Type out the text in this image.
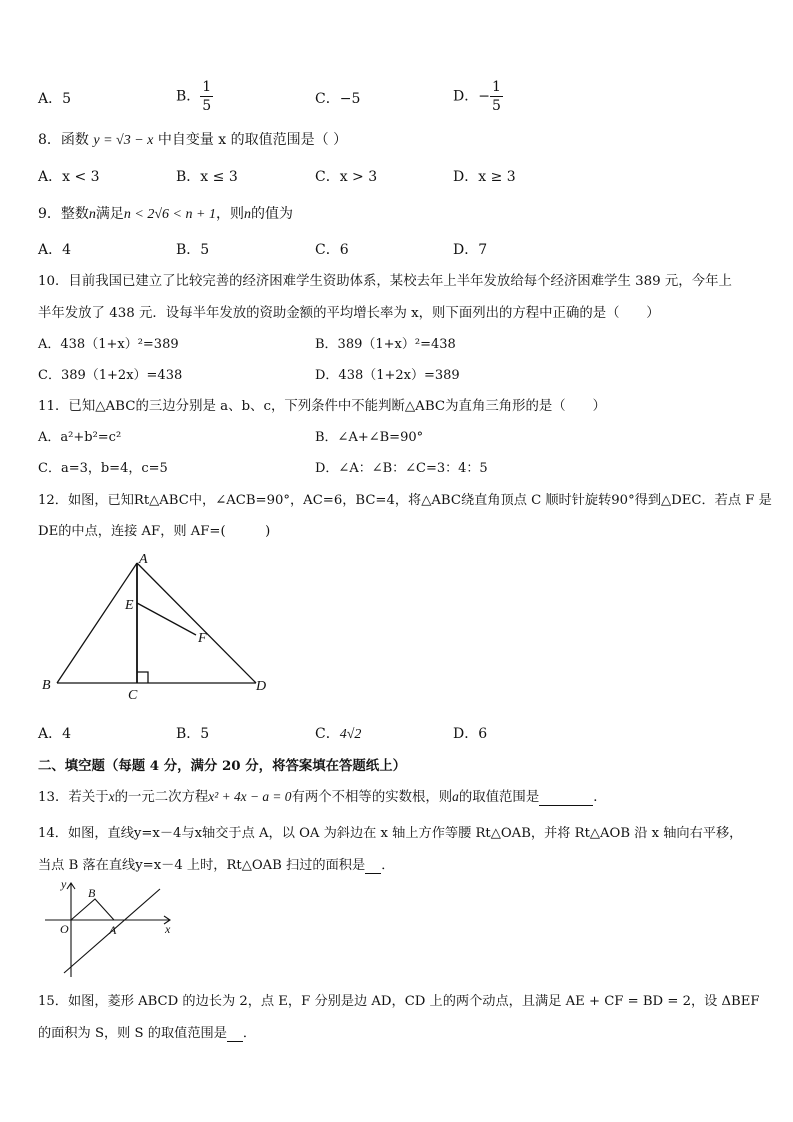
A．5	B． $\frac{1}{5}$	C．−5	D．− $\frac{1}{5}$
8．函数 y = √3 − x 中自变量 x 的取值范围是（ ）
A．x < 3	B．x ≤ 3	C．x > 3	D．x ≥ 3
9．整数n满足n < 2√6 < n + 1，则n的值为
A．4	B．5	C．6	D．7
10．目前我国已建立了比较完善的经济困难学生资助体系，某校去年上半年发放给每个经济困难学生 389 元，今年上
半年发放了 438 元．设每半年发放的资助金额的平均增长率为 x，则下面列出的方程中正确的是（　　）
A．438（1+x）²=389	B．389（1+x）²=438
C．389（1+2x）=438	D．438（1+2x）=389
11．已知△ABC的三边分别是 a、b、c，下列条件中不能判断△ABC为直角三角形的是（　　）
A．a²+b²=c²	B．∠A+∠B=90°
C．a=3，b=4，c=5	D．∠A：∠B：∠C=3：4：5
12．如图，已知Rt△ABC中，∠ACB=90°，AC=6，BC=4，将△ABC绕直角顶点 C 顺时针旋转90°得到△DEC．若点 F 是
DE的中点，连接 AF，则 AF=(　　　)
A
B
C
D
E
F
A．4	B．5	C．4√2	D．6
二、填空题（每题 4 分，满分 20 分，将答案填在答题纸上）
13．若关于x的一元二次方程x² + 4x − a = 0有两个不相等的实数根，则a的取值范围是	．
14．如图，直线y=x－4与x轴交于点 A，以 OA 为斜边在 x 轴上方作等腰 Rt△OAB，并将 Rt△AOB 沿 x 轴向右平移，
当点 B 落在直线y=x－4 上时，Rt△OAB 扫过的面积是 ．
y
x
O	A
B
15．如图，菱形 ABCD 的边长为 2，点 E，F 分别是边 AD，CD 上的两个动点，且满足 AE + CF = BD = 2，设 ΔBEF
的面积为 S，则 S 的取值范围是 ．
